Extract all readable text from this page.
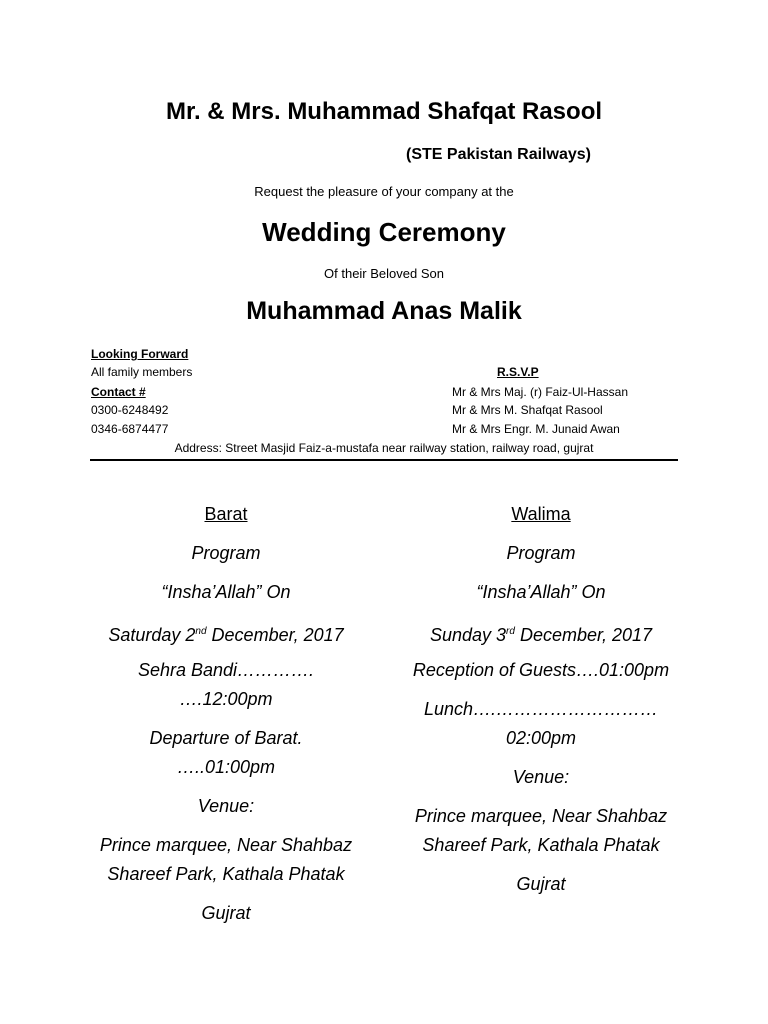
Mr. & Mrs. Muhammad Shafqat Rasool
(STE Pakistan Railways)
Request the pleasure of your company at the
Wedding Ceremony
Of their Beloved Son
Muhammad Anas Malik
Looking Forward
All family members
Contact #
0300-6248492
0346-6874477
R.S.V.P
Mr & Mrs Maj. (r) Faiz-Ul-Hassan
Mr & Mrs M. Shafqat Rasool
Mr & Mrs Engr. M. Junaid Awan
Address: Street Masjid Faiz-a-mustafa near railway station, railway road, gujrat
Barat
Program
“Insha’Allah” On
Saturday 2nd December, 2017
Sehra Bandi………….
….12:00pm
Departure of Barat.
…..01:00pm
Venue:
Prince marquee, Near Shahbaz
Shareef Park, Kathala Phatak
Gujrat
Walima
Program
“Insha’Allah” On
Sunday 3rd December, 2017
Reception of Guests….01:00pm
Lunch….………………………
02:00pm
Venue:
Prince marquee, Near Shahbaz
Shareef Park, Kathala Phatak
Gujrat
